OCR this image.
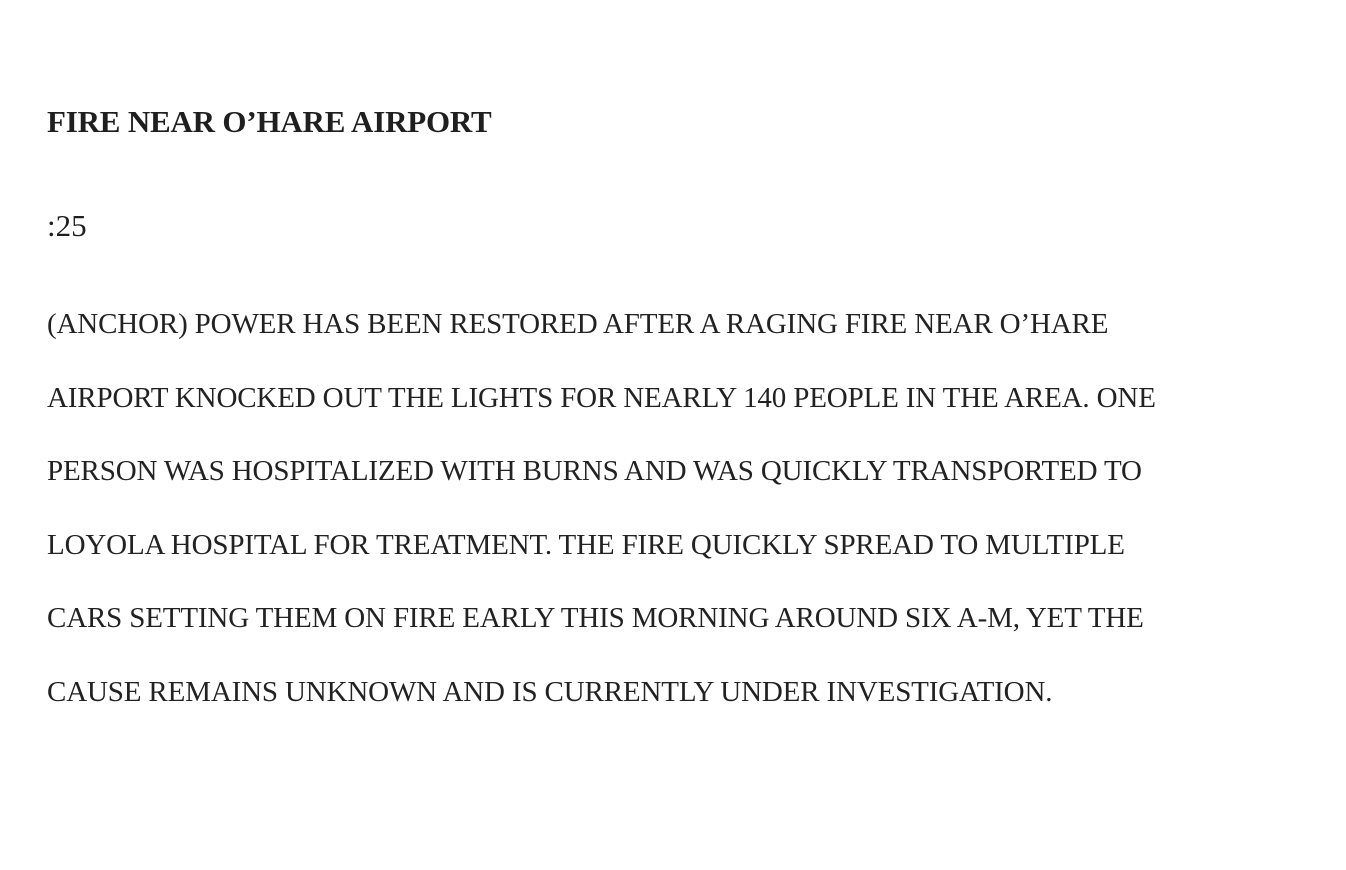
FIRE NEAR O’HARE AIRPORT

:25

(ANCHOR) POWER HAS BEEN RESTORED AFTER A RAGING FIRE NEAR O’HARE
AIRPORT KNOCKED OUT THE LIGHTS FOR NEARLY 140 PEOPLE IN THE AREA. ONE
PERSON WAS HOSPITALIZED WITH BURNS AND WAS QUICKLY TRANSPORTED TO
LOYOLA HOSPITAL FOR TREATMENT. THE FIRE QUICKLY SPREAD TO MULTIPLE
CARS SETTING THEM ON FIRE EARLY THIS MORNING AROUND SIX A-M, YET THE
CAUSE REMAINS UNKNOWN AND IS CURRENTLY UNDER INVESTIGATION.
